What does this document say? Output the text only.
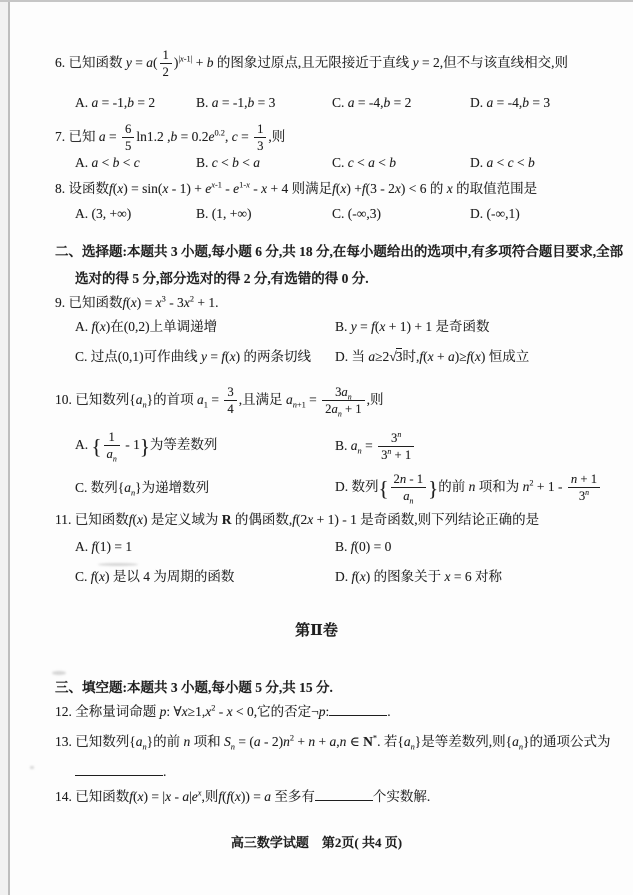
6. 已知函数 $y = a( \frac{1}{2} )^{|x-1|} + b$ 的图象过原点,且无限接近于直线 y = 2,但不与该直线相交,则
A. a = -1,b = 2	B. a = -1,b = 3	C. a = -4,b = 2	D. a = -4,b = 3
7. 已知 $a = \frac{6}{5} \ln 1.2$ $,b = 0.2e^{0.2}$, $c = \frac{1}{3}$ ,则
A. a < b < c	B. c < b < a	C. c < a < b	D. a < c < b
8. 设函数$f(x) = \sin(x - 1) + e^{x-1} - e^{1-x} - x + 4$ 则满足f(x) +f(3 - 2x) < 6 的 x 的取值范围是
A. (3, +∞)	B. (1, +∞)	C. (-∞,3)	D. (-∞,1)
二、选择题:本题共 3 小题,每小题 6 分,共 18 分,在每小题给出的选项中,有多项符合题目要求,全部
选对的得 5 分,部分选对的得 2 分,有选错的得 0 分.
9. 已知函数$f(x) = x^3 - 3x^2 + 1$.
A. f(x)在(0,2)上单调递增	B. y = f(x + 1) + 1 是奇函数
C. 过点(0,1)可作曲线 y = f(x) 的两条切线	D. 当 a≥2√3时,f(x + a)≥f(x) 恒成立
10. 已知数列$\{a_n\}$的首项 $a_1 = \frac{3}{4}$ ,且满足 $a_{n+1} = \frac{3a_n}{2a_n + 1}$ ,则
A. { $\frac{1}{a_n} - 1$}为等差数列	B. $a_n = \frac{3^n}{3^n + 1}$
C. 数列$\{a_n\}$为递增数列	D. 数列{ $\frac{2n - 1}{a_n}$ }的前 n 项和为 $n^2 + 1 - \frac{n + 1}{3^n}$
11. 已知函数f(x) 是定义域为 R 的偶函数,f(2x + 1) - 1 是奇函数,则下列结论正确的是
A. f(1) = 1	B. f(0) = 0
C. f(x) 是以 4 为周期的函数	D. f(x) 的图象关于 x = 6 对称
第Ⅱ卷
三、填空题:本题共 3 小题,每小题 5 分,共 15 分.
12. 全称量词命题 p: $\forall x\ge 1,x^2 - x < 0$,它的否定¬p:	.
13. 已知数列$\{a_n\}$的前 n 项和 $S_n = (a - 2)n^2 + n + a,n$ ∈ N*. 若$\{a_n\}$是等差数列,则$\{a_n\}$的通项公式为
.
14. 已知函数$f(x) = |x - a|e^x$,则f(f(x)) = a 至多有	个实数解.
高三数学试题　第2页( 共4 页)
